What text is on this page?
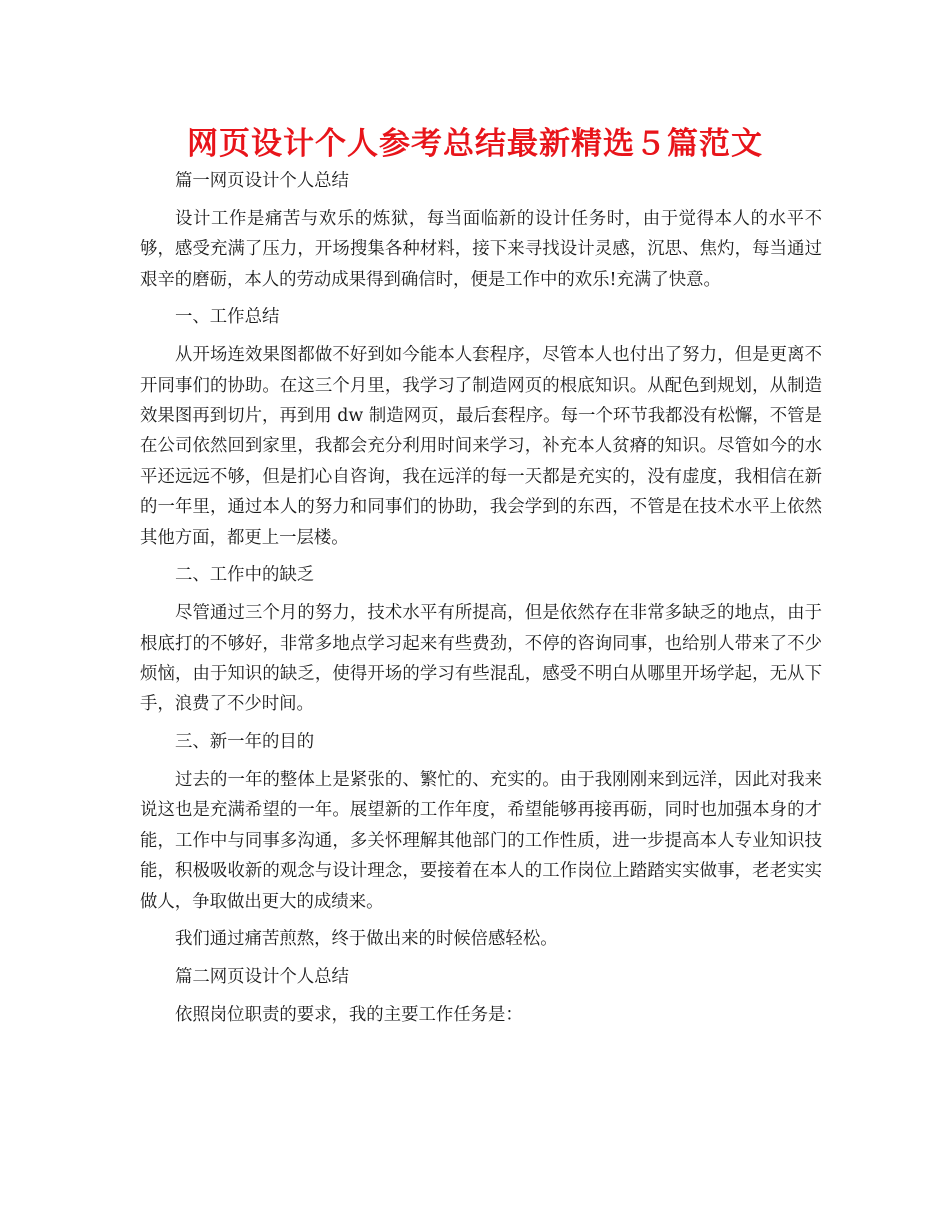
网页设计个人参考总结最新精选５篇范文

篇一网页设计个人总结

设计工作是痛苦与欢乐的炼狱，每当面临新的设计任务时，由于觉得本人的水平不够，感受充满了压力，开场搜集各种材料，接下来寻找设计灵感，沉思、焦灼，每当通过艰辛的磨砺，本人的劳动成果得到确信时，便是工作中的欢乐!充满了快意。

一、工作总结

从开场连效果图都做不好到如今能本人套程序，尽管本人也付出了努力，但是更离不开同事们的协助。在这三个月里，我学习了制造网页的根底知识。从配色到规划，从制造效果图再到切片，再到用 dw 制造网页，最后套程序。每一个环节我都没有松懈，不管是在公司依然回到家里，我都会充分利用时间来学习，补充本人贫瘠的知识。尽管如今的水平还远远不够，但是扪心自咨询，我在远洋的每一天都是充实的，没有虚度，我相信在新的一年里，通过本人的努力和同事们的协助，我会学到的东西，不管是在技术水平上依然其他方面，都更上一层楼。

二、工作中的缺乏

尽管通过三个月的努力，技术水平有所提高，但是依然存在非常多缺乏的地点，由于根底打的不够好，非常多地点学习起来有些费劲，不停的咨询同事，也给别人带来了不少烦恼，由于知识的缺乏，使得开场的学习有些混乱，感受不明白从哪里开场学起，无从下手，浪费了不少时间。

三、新一年的目的

过去的一年的整体上是紧张的、繁忙的、充实的。由于我刚刚来到远洋，因此对我来说这也是充满希望的一年。展望新的工作年度，希望能够再接再砺，同时也加强本身的才能，工作中与同事多沟通，多关怀理解其他部门的工作性质，进一步提高本人专业知识技能，积极吸收新的观念与设计理念，要接着在本人的工作岗位上踏踏实实做事，老老实实做人，争取做出更大的成绩来。

我们通过痛苦煎熬，终于做出来的时候倍感轻松。

篇二网页设计个人总结

依照岗位职责的要求，我的主要工作任务是：
